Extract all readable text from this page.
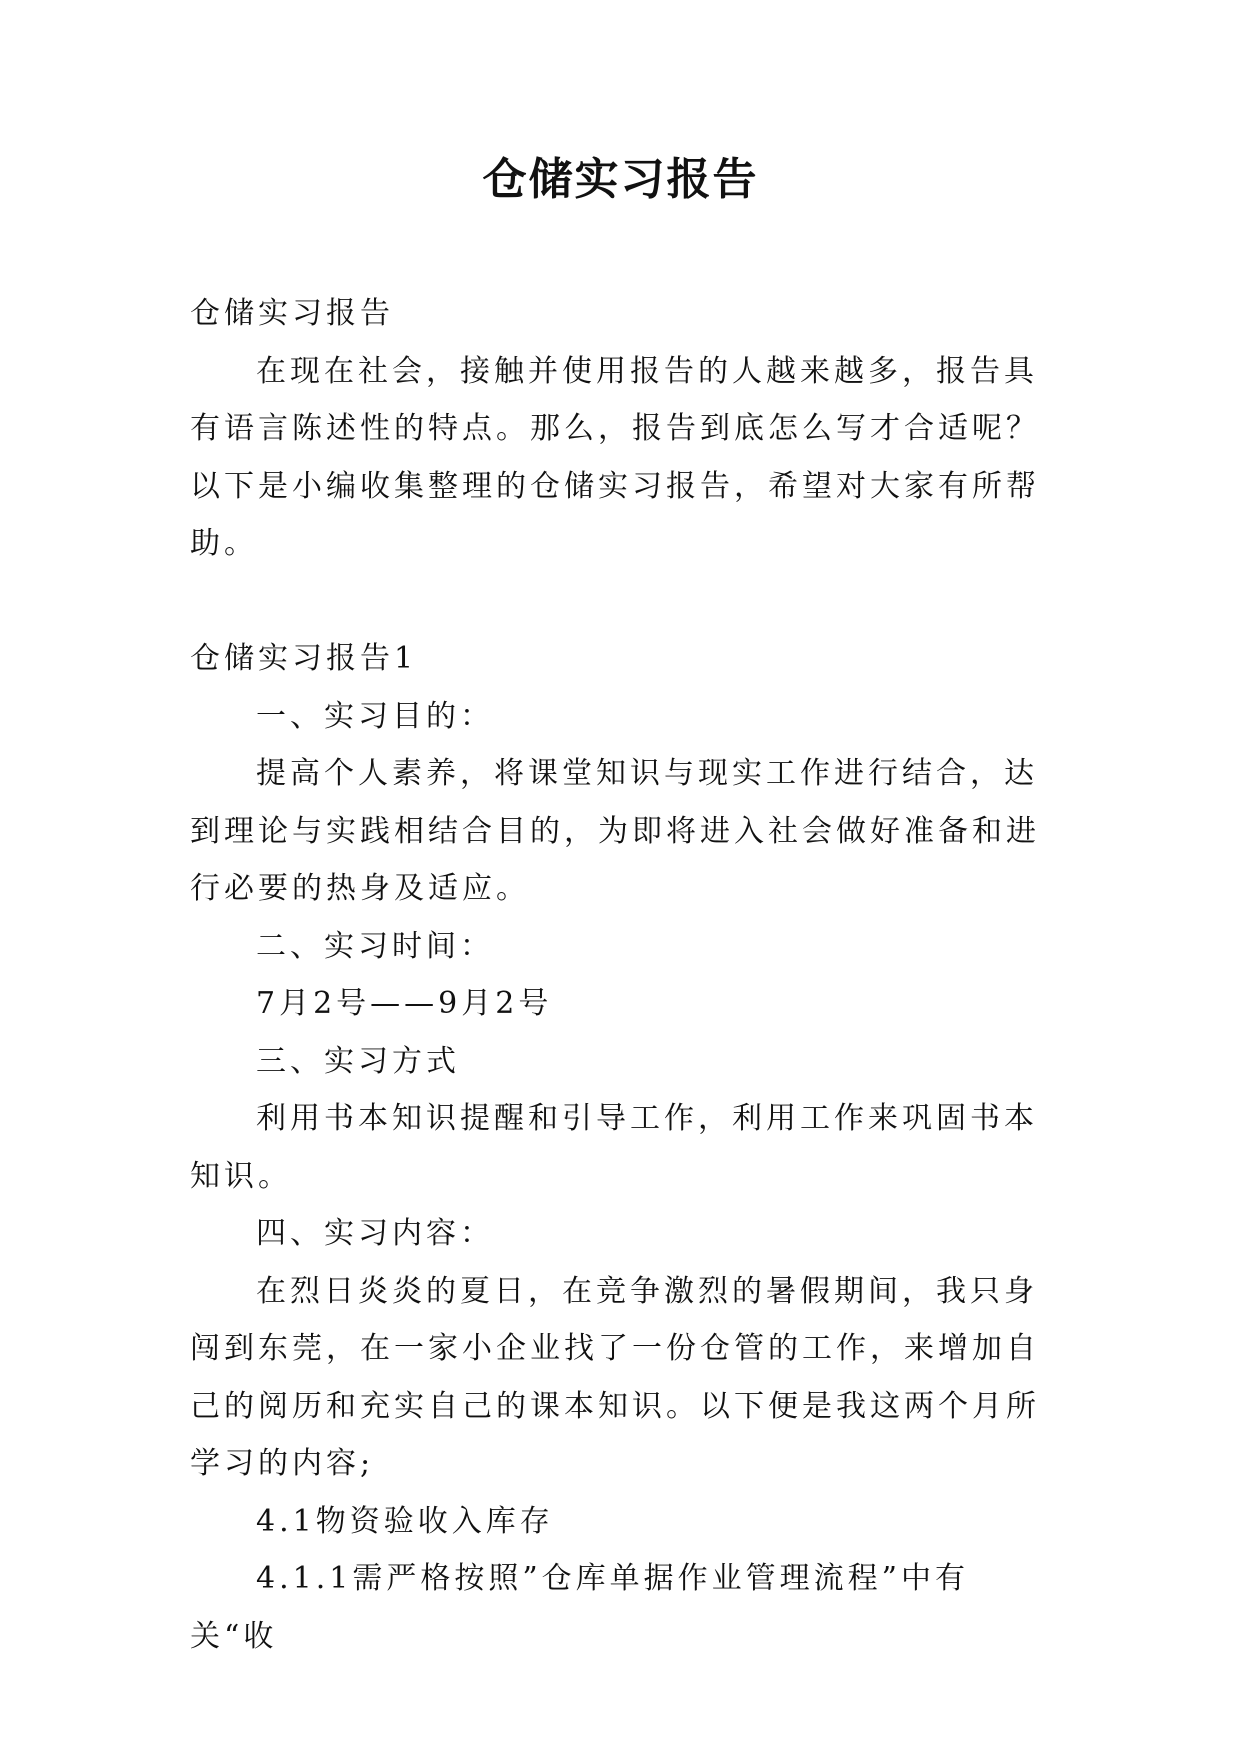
仓储实习报告

仓储实习报告

在现在社会，接触并使用报告的人越来越多，报告具有语言陈述性的特点。那么，报告到底怎么写才合适呢？以下是小编收集整理的仓储实习报告，希望对大家有所帮助。

仓储实习报告1

一、实习目的：

提高个人素养，将课堂知识与现实工作进行结合，达到理论与实践相结合目的，为即将进入社会做好准备和进行必要的热身及适应。

二、实习时间：

7月2号——9月2号

三、实习方式

利用书本知识提醒和引导工作，利用工作来巩固书本知识。

四、实习内容：

在烈日炎炎的夏日，在竞争激烈的暑假期间，我只身闯到东莞，在一家小企业找了一份仓管的工作，来增加自己的阅历和充实自己的课本知识。以下便是我这两个月所学习的内容;

4.1物资验收入库存

4.1.1需严格按照”仓库单据作业管理流程”中有关“收
